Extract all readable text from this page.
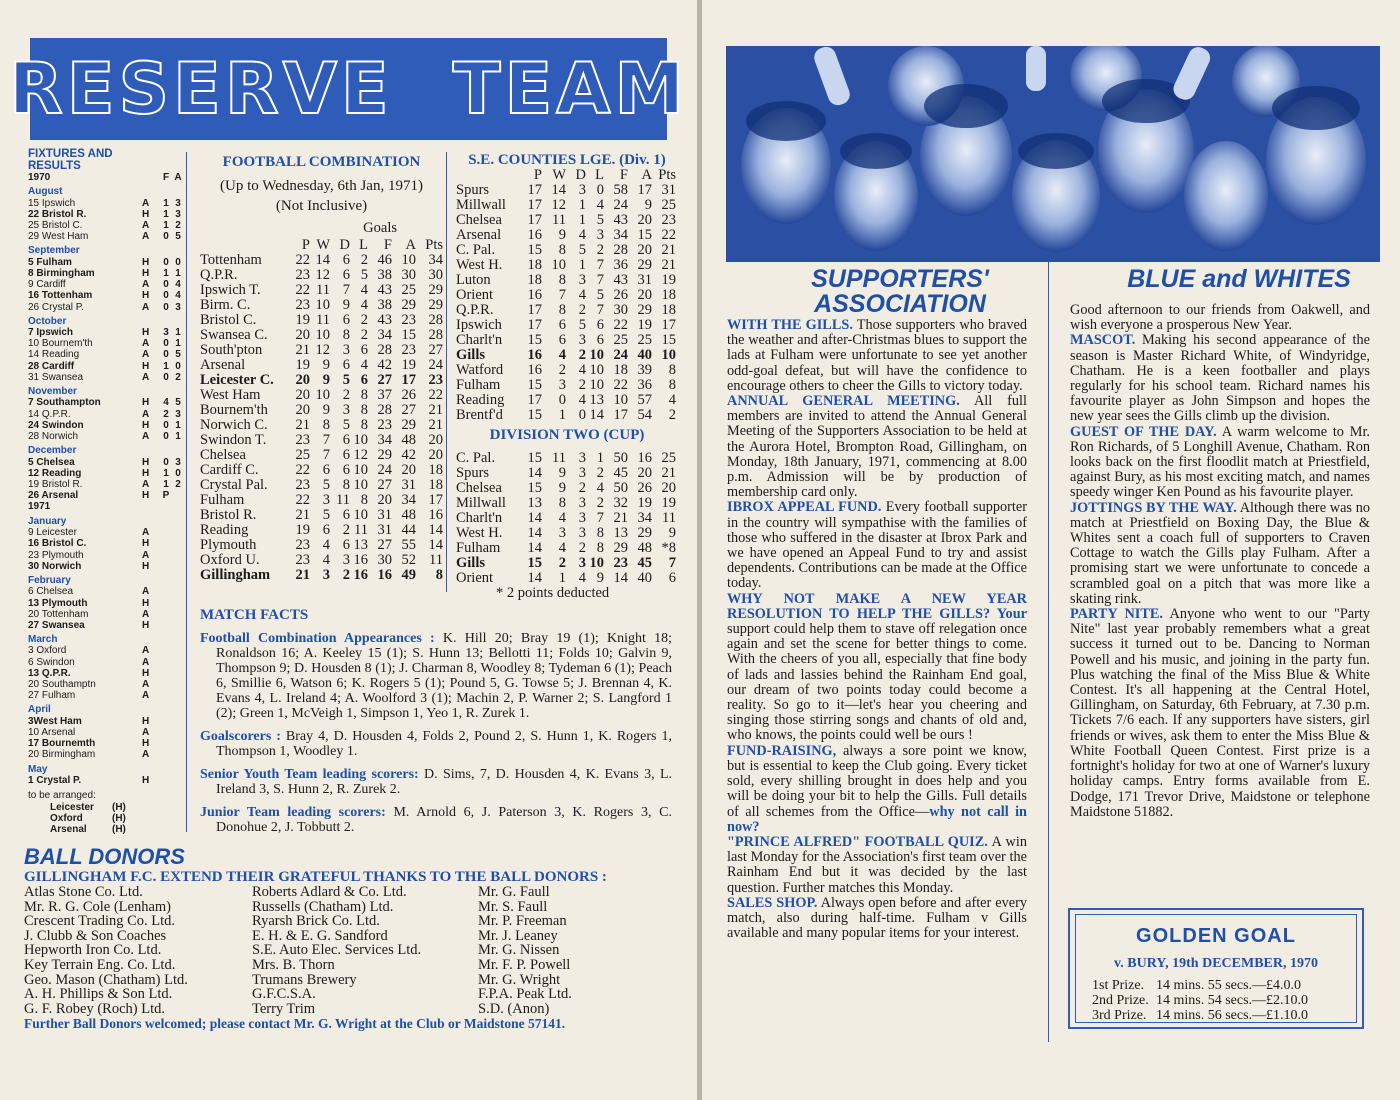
RESERVE TEAM
FIXTURES AND
RESULTS
1970	F A
August
15 Ipswich	A	1 3
22 Bristol R.	H	1 3
25 Bristol C.	A	1 2
29 West Ham	A	0 5
September
5 Fulham	H	0 0
8 Birmingham	H	1 1
9 Cardiff	A	0 4
16 Tottenham	H	0 4
26 Crystal P.	A	0 3
October
7 Ipswich	H	3 1
10 Bournem'th	A	0 1
14 Reading	A	0 5
28 Cardiff	H	1 0
31 Swansea	A	0 2
November
7 Southampton	H	4 5
14 Q.P.R.	A	2 3
24 Swindon	H	0 1
28 Norwich	A	0 1
December
5 Chelsea	H	0 3
12 Reading	H	1 0
19 Bristol R.	A	1 2
26 Arsenal	H	P
1971
January
9 Leicester	A
16 Bristol C.	H
23 Plymouth	A
30 Norwich	H
February
6 Chelsea	A
13 Plymouth	H
20 Tottenham	A
27 Swansea	H
March
3 Oxford	A
6 Swindon	A
13 Q.P.R.	H
20 Southamptn	A
27 Fulham	A
April
3West Ham	H
10 Arsenal	A
17 Bournemth	H
20 Birmingham	A
May
1 Crystal P.	H
to be arranged:
Leicester	(H)
Oxford	(H)
Arsenal	(H)
FOOTBALL COMBINATION
(Up to Wednesday, 6th Jan, 1971)
(Not Inclusive)
Goals
	P	W	D	L	F	A	Pts
Tottenham	22	14	6	2	46	10	34
Q.P.R.	23	12	6	5	38	30	30
Ipswich T.	22	11	7	4	43	25	29
Birm. C.	23	10	9	4	38	29	29
Bristol C.	19	11	6	2	43	23	28
Swansea C.	20	10	8	2	34	15	28
South'pton	21	12	3	6	28	23	27
Arsenal	19	9	6	4	42	19	24
Leicester C.	20	9	5	6	27	17	23
West Ham	20	10	2	8	37	26	22
Bournem'th	20	9	3	8	28	27	21
Norwich C.	21	8	5	8	23	29	21
Swindon T.	23	7	6	10	34	48	20
Chelsea	25	7	6	12	29	42	20
Cardiff C.	22	6	6	10	24	20	18
Crystal Pal.	23	5	8	10	27	31	18
Fulham	22	3	11	8	20	34	17
Bristol R.	21	5	6	10	31	48	16
Reading	19	6	2	11	31	44	14
Plymouth	23	4	6	13	27	55	14
Oxford U.	23	4	3	16	30	52	11
Gillingham	21	3	2	16	16	49	8
S.E. COUNTIES LGE. (Div. 1)
	P	W	D	L	F	A	Pts
Spurs	17	14	3	0	58	17	31
Millwall	17	12	1	4	24	9	25
Chelsea	17	11	1	5	43	20	23
Arsenal	16	9	4	3	34	15	22
C. Pal.	15	8	5	2	28	20	21
West H.	18	10	1	7	36	29	21
Luton	18	8	3	7	43	31	19
Orient	16	7	4	5	26	20	18
Q.P.R.	17	8	2	7	30	29	18
Ipswich	17	6	5	6	22	19	17
Charlt'n	15	6	3	6	25	25	15
Gills	16	4	2	10	24	40	10
Watford	16	2	4	10	18	39	8
Fulham	15	3	2	10	22	36	8
Reading	17	0	4	13	10	57	4
Brentf'd	15	1	0	14	17	54	2
DIVISION TWO (CUP)
C. Pal.	15	11	3	1	50	16	25
Spurs	14	9	3	2	45	20	21
Chelsea	15	9	2	4	50	26	20
Millwall	13	8	3	2	32	19	19
Charlt'n	14	4	3	7	21	34	11
West H.	14	3	3	8	13	29	9
Fulham	14	4	2	8	29	48	*8
Gills	15	2	3	10	23	45	7
Orient	14	1	4	9	14	40	6
* 2 points deducted
MATCH FACTS

Football Combination Appearances : K. Hill 20; Bray 19 (1); Knight 18; Ronaldson 16; A. Keeley 15 (1); S. Hunn 13; Bellotti 11; Folds 10; Galvin 9, Thompson 9; D. Housden 8 (1); J. Charman 8, Woodley 8; Tydeman 6 (1); Peach 6, Smillie 6, Watson 6; K. Rogers 5 (1); Pound 5, G. Towse 5; J. Brennan 4, K. Evans 4, L. Ireland 4; A. Woolford 3 (1); Machin 2, P. Warner 2; S. Langford 1 (2); Green 1, McVeigh 1, Simpson 1, Yeo 1, R. Zurek 1.

Goalscorers : Bray 4, D. Housden 4, Folds 2, Pound 2, S. Hunn 1, K. Rogers 1, Thompson 1, Woodley 1.

Senior Youth Team leading scorers: D. Sims, 7, D. Housden 4, K. Evans 3, L. Ireland 3, S. Hunn 2, R. Zurek 2.

Junior Team leading scorers: M. Arnold 6, J. Paterson 3, K. Rogers 3, C. Donohue 2, J. Tobbutt 2.

BALL DONORS
GILLINGHAM F.C. EXTEND THEIR GRATEFUL THANKS TO THE BALL DONORS :
Atlas Stone Co. Ltd.
Mr. R. G. Cole (Lenham)
Crescent Trading Co. Ltd.
J. Clubb & Son Coaches
Hepworth Iron Co. Ltd.
Key Terrain Eng. Co. Ltd.
Geo. Mason (Chatham) Ltd.
A. H. Phillips & Son Ltd.
G. F. Robey (Roch) Ltd.
Roberts Adlard & Co. Ltd.
Russells (Chatham) Ltd.
Ryarsh Brick Co. Ltd.
E. H. & E. G. Sandford
S.E. Auto Elec. Services Ltd.
Mrs. B. Thorn
Trumans Brewery
G.F.C.S.A.
Terry Trim
Mr. G. Faull
Mr. S. Faull
Mr. P. Freeman
Mr. J. Leaney
Mr. G. Nissen
Mr. F. P. Powell
Mr. G. Wright
F.P.A. Peak Ltd.
S.D. (Anon)
Further Ball Donors welcomed; please contact Mr. G. Wright at the Club or Maidstone 57141.
SUPPORTERS'
ASSOCIATION
BLUE and WHITES

WITH THE GILLS. Those supporters who braved the weather and after-Christmas blues to support the lads at Fulham were unfortunate to see yet another odd-goal defeat, but will have the confidence to encourage others to cheer the Gills to victory today.

ANNUAL GENERAL MEETING. All full members are invited to attend the Annual General Meeting of the Supporters Association to be held at the Aurora Hotel, Brompton Road, Gillingham, on Monday, 18th January, 1971, commencing at 8.00 p.m. Admission will be by production of membership card only.

IBROX APPEAL FUND. Every football supporter in the country will sympathise with the families of those who suffered in the disaster at Ibrox Park and we have opened an Appeal Fund to try and assist dependents. Contributions can be made at the Office today.

WHY NOT MAKE A NEW YEAR RESOLUTION TO HELP THE GILLS? Your support could help them to stave off relegation once again and set the scene for better things to come. With the cheers of you all, especially that fine body of lads and lassies behind the Rainham End goal, our dream of two points today could become a reality. So go to it—let's hear you cheering and singing those stirring songs and chants of old and, who knows, the points could well be ours !

FUND-RAISING, always a sore point we know, but is essential to keep the Club going. Every ticket sold, every shilling brought in does help and you will be doing your bit to help the Gills. Full details of all schemes from the Office—why not call in now?

"PRINCE ALFRED" FOOTBALL QUIZ. A win last Monday for the Association's first team over the Rainham End but it was decided by the last question. Further matches this Monday.

SALES SHOP. Always open before and after every match, also during half-time. Fulham v Gills available and many popular items for your interest.

Good afternoon to our friends from Oakwell, and wish everyone a prosperous New Year.

MASCOT. Making his second appearance of the season is Master Richard White, of Windyridge, Chatham. He is a keen footballer and plays regularly for his school team. Richard names his favourite player as John Simpson and hopes the new year sees the Gills climb up the division.

GUEST OF THE DAY. A warm welcome to Mr. Ron Richards, of 5 Longhill Avenue, Chatham. Ron looks back on the first floodlit match at Priestfield, against Bury, as his most exciting match, and names speedy winger Ken Pound as his favourite player.

JOTTINGS BY THE WAY. Although there was no match at Priestfield on Boxing Day, the Blue & Whites sent a coach full of supporters to Craven Cottage to watch the Gills play Fulham. After a promising start we were unfortunate to concede a scrambled goal on a pitch that was more like a skating rink.

PARTY NITE. Anyone who went to our "Party Nite" last year probably remembers what a great success it turned out to be. Dancing to Norman Powell and his music, and joining in the party fun. Plus watching the final of the Miss Blue & White Contest. It's all happening at the Central Hotel, Gillingham, on Saturday, 6th February, at 7.30 p.m. Tickets 7/6 each. If any supporters have sisters, girl friends or wives, ask them to enter the Miss Blue & White Football Queen Contest. First prize is a fortnight's holiday for two at one of Warner's luxury holiday camps. Entry forms available from E. Dodge, 171 Trevor Drive, Maidstone or telephone Maidstone 51882.

GOLDEN GOAL
v. BURY, 19th DECEMBER, 1970
1st Prize. 14 mins. 55 secs.—£4.0.0
2nd Prize. 14 mins. 54 secs.—£2.10.0
3rd Prize. 14 mins. 56 secs.—£1.10.0
